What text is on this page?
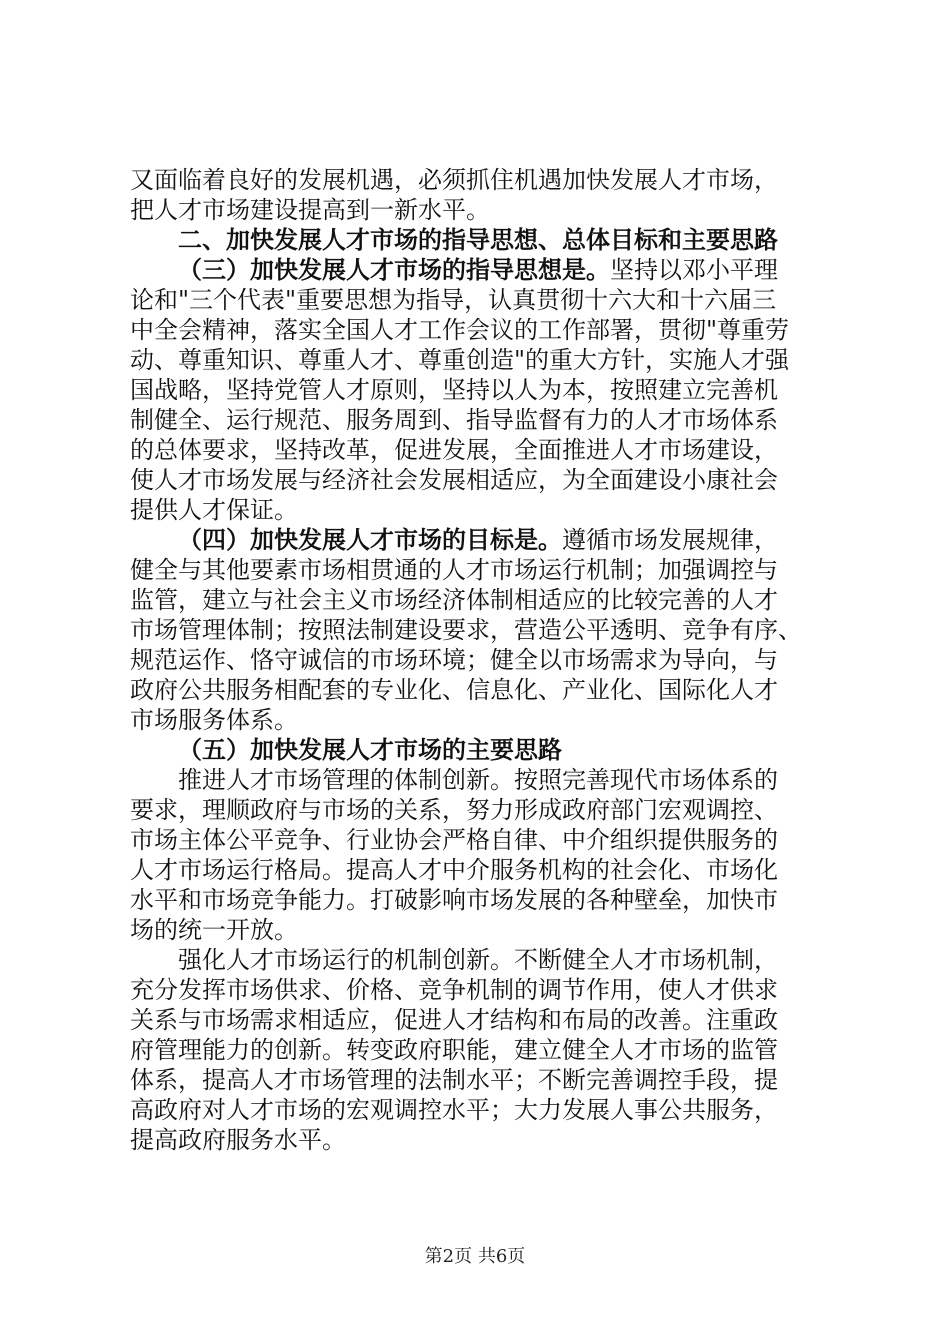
第2页 共6页
又面临着良好的发展机遇，必须抓住机遇加快发展人才市场，
把人才市场建设提高到一新水平。
二、加快发展人才市场的指导思想、总体目标和主要思路
（三）加快发展人才市场的指导思想是。坚持以邓小平理
论和"三个代表"重要思想为指导，认真贯彻十六大和十六届三
中全会精神，落实全国人才工作会议的工作部署，贯彻"尊重劳
动、尊重知识、尊重人才、尊重创造"的重大方针，实施人才强
国战略，坚持党管人才原则，坚持以人为本，按照建立完善机
制健全、运行规范、服务周到、指导监督有力的人才市场体系
的总体要求，坚持改革，促进发展，全面推进人才市场建设，
使人才市场发展与经济社会发展相适应，为全面建设小康社会
提供人才保证。
（四）加快发展人才市场的目标是。遵循市场发展规律，
健全与其他要素市场相贯通的人才市场运行机制；加强调控与
监管，建立与社会主义市场经济体制相适应的比较完善的人才
市场管理体制；按照法制建设要求，营造公平透明、竞争有序、
规范运作、恪守诚信的市场环境；健全以市场需求为导向，与
政府公共服务相配套的专业化、信息化、产业化、国际化人才
市场服务体系。
（五）加快发展人才市场的主要思路
推进人才市场管理的体制创新。按照完善现代市场体系的
要求，理顺政府与市场的关系，努力形成政府部门宏观调控、
市场主体公平竞争、行业协会严格自律、中介组织提供服务的
人才市场运行格局。提高人才中介服务机构的社会化、市场化
水平和市场竞争能力。打破影响市场发展的各种壁垒，加快市
场的统一开放。
强化人才市场运行的机制创新。不断健全人才市场机制，
充分发挥市场供求、价格、竞争机制的调节作用，使人才供求
关系与市场需求相适应，促进人才结构和布局的改善。注重政
府管理能力的创新。转变政府职能，建立健全人才市场的监管
体系，提高人才市场管理的法制水平；不断完善调控手段，提
高政府对人才市场的宏观调控水平；大力发展人事公共服务，
提高政府服务水平。
